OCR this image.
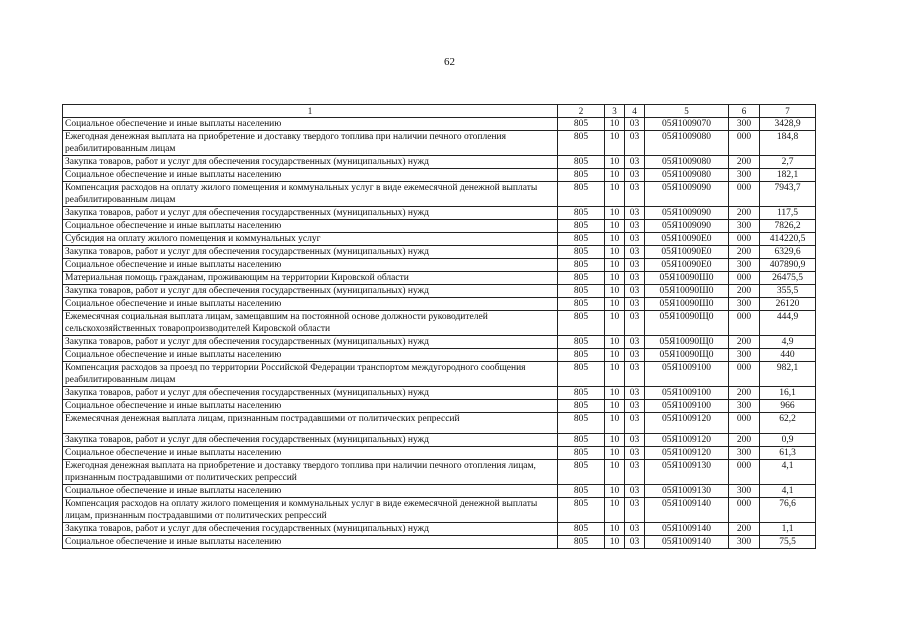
62
1	2	3	4	5	6	7
Социальное обеспечение и иные выплаты населению	805	10	03	05Я1009070	300	3428,9
Ежегодная денежная выплата на приобретение и доставку твердого топлива при наличии печного отопления реабилитированным лицам	805	10	03	05Я1009080	000	184,8
Закупка товаров, работ и услуг для обеспечения государственных (муниципальных) нужд	805	10	03	05Я1009080	200	2,7
Социальное обеспечение и иные выплаты населению	805	10	03	05Я1009080	300	182,1
Компенсация расходов на оплату жилого помещения и коммунальных услуг в виде ежемесячной денежной выплаты реабилитированным лицам	805	10	03	05Я1009090	000	7943,7
Закупка товаров, работ и услуг для обеспечения государственных (муниципальных) нужд	805	10	03	05Я1009090	200	117,5
Социальное обеспечение и иные выплаты населению	805	10	03	05Я1009090	300	7826,2
Субсидия на оплату жилого помещения и коммунальных услуг	805	10	03	05Я10090Е0	000	414220,5
Закупка товаров, работ и услуг для обеспечения государственных (муниципальных) нужд	805	10	03	05Я10090Е0	200	6329,6
Социальное обеспечение и иные выплаты населению	805	10	03	05Я10090Е0	300	407890,9
Материальная помощь гражданам, проживающим на территории Кировской области	805	10	03	05Я10090Ш0	000	26475,5
Закупка товаров, работ и услуг для обеспечения государственных (муниципальных) нужд	805	10	03	05Я10090Ш0	200	355,5
Социальное обеспечение и иные выплаты населению	805	10	03	05Я10090Ш0	300	26120
Ежемесячная социальная выплата лицам, замещавшим на постоянной основе должности руководителей сельскохозяйственных товаропроизводителей Кировской области	805	10	03	05Я10090Щ0	000	444,9
Закупка товаров, работ и услуг для обеспечения государственных (муниципальных) нужд	805	10	03	05Я10090Щ0	200	4,9
Социальное обеспечение и иные выплаты населению	805	10	03	05Я10090Щ0	300	440
Компенсация расходов за проезд по территории Российской Федерации транспортом междугородного сообщения реабилитированным лицам	805	10	03	05Я1009100	000	982,1
Закупка товаров, работ и услуг для обеспечения государственных (муниципальных) нужд	805	10	03	05Я1009100	200	16,1
Социальное обеспечение и иные выплаты населению	805	10	03	05Я1009100	300	966
Ежемесячная денежная выплата лицам, признанным пострадавшими от политических репрессий	805	10	03	05Я1009120	000	62,2
Закупка товаров, работ и услуг для обеспечения государственных (муниципальных) нужд	805	10	03	05Я1009120	200	0,9
Социальное обеспечение и иные выплаты населению	805	10	03	05Я1009120	300	61,3
Ежегодная денежная выплата на приобретение и доставку твердого топлива при наличии печного отопления лицам, признанным пострадавшими от политических репрессий	805	10	03	05Я1009130	000	4,1
Социальное обеспечение и иные выплаты населению	805	10	03	05Я1009130	300	4,1
Компенсация расходов на оплату жилого помещения и коммунальных услуг в виде ежемесячной денежной выплаты лицам, признанным пострадавшими от политических репрессий	805	10	03	05Я1009140	000	76,6
Закупка товаров, работ и услуг для обеспечения государственных (муниципальных) нужд	805	10	03	05Я1009140	200	1,1
Социальное обеспечение и иные выплаты населению	805	10	03	05Я1009140	300	75,5
